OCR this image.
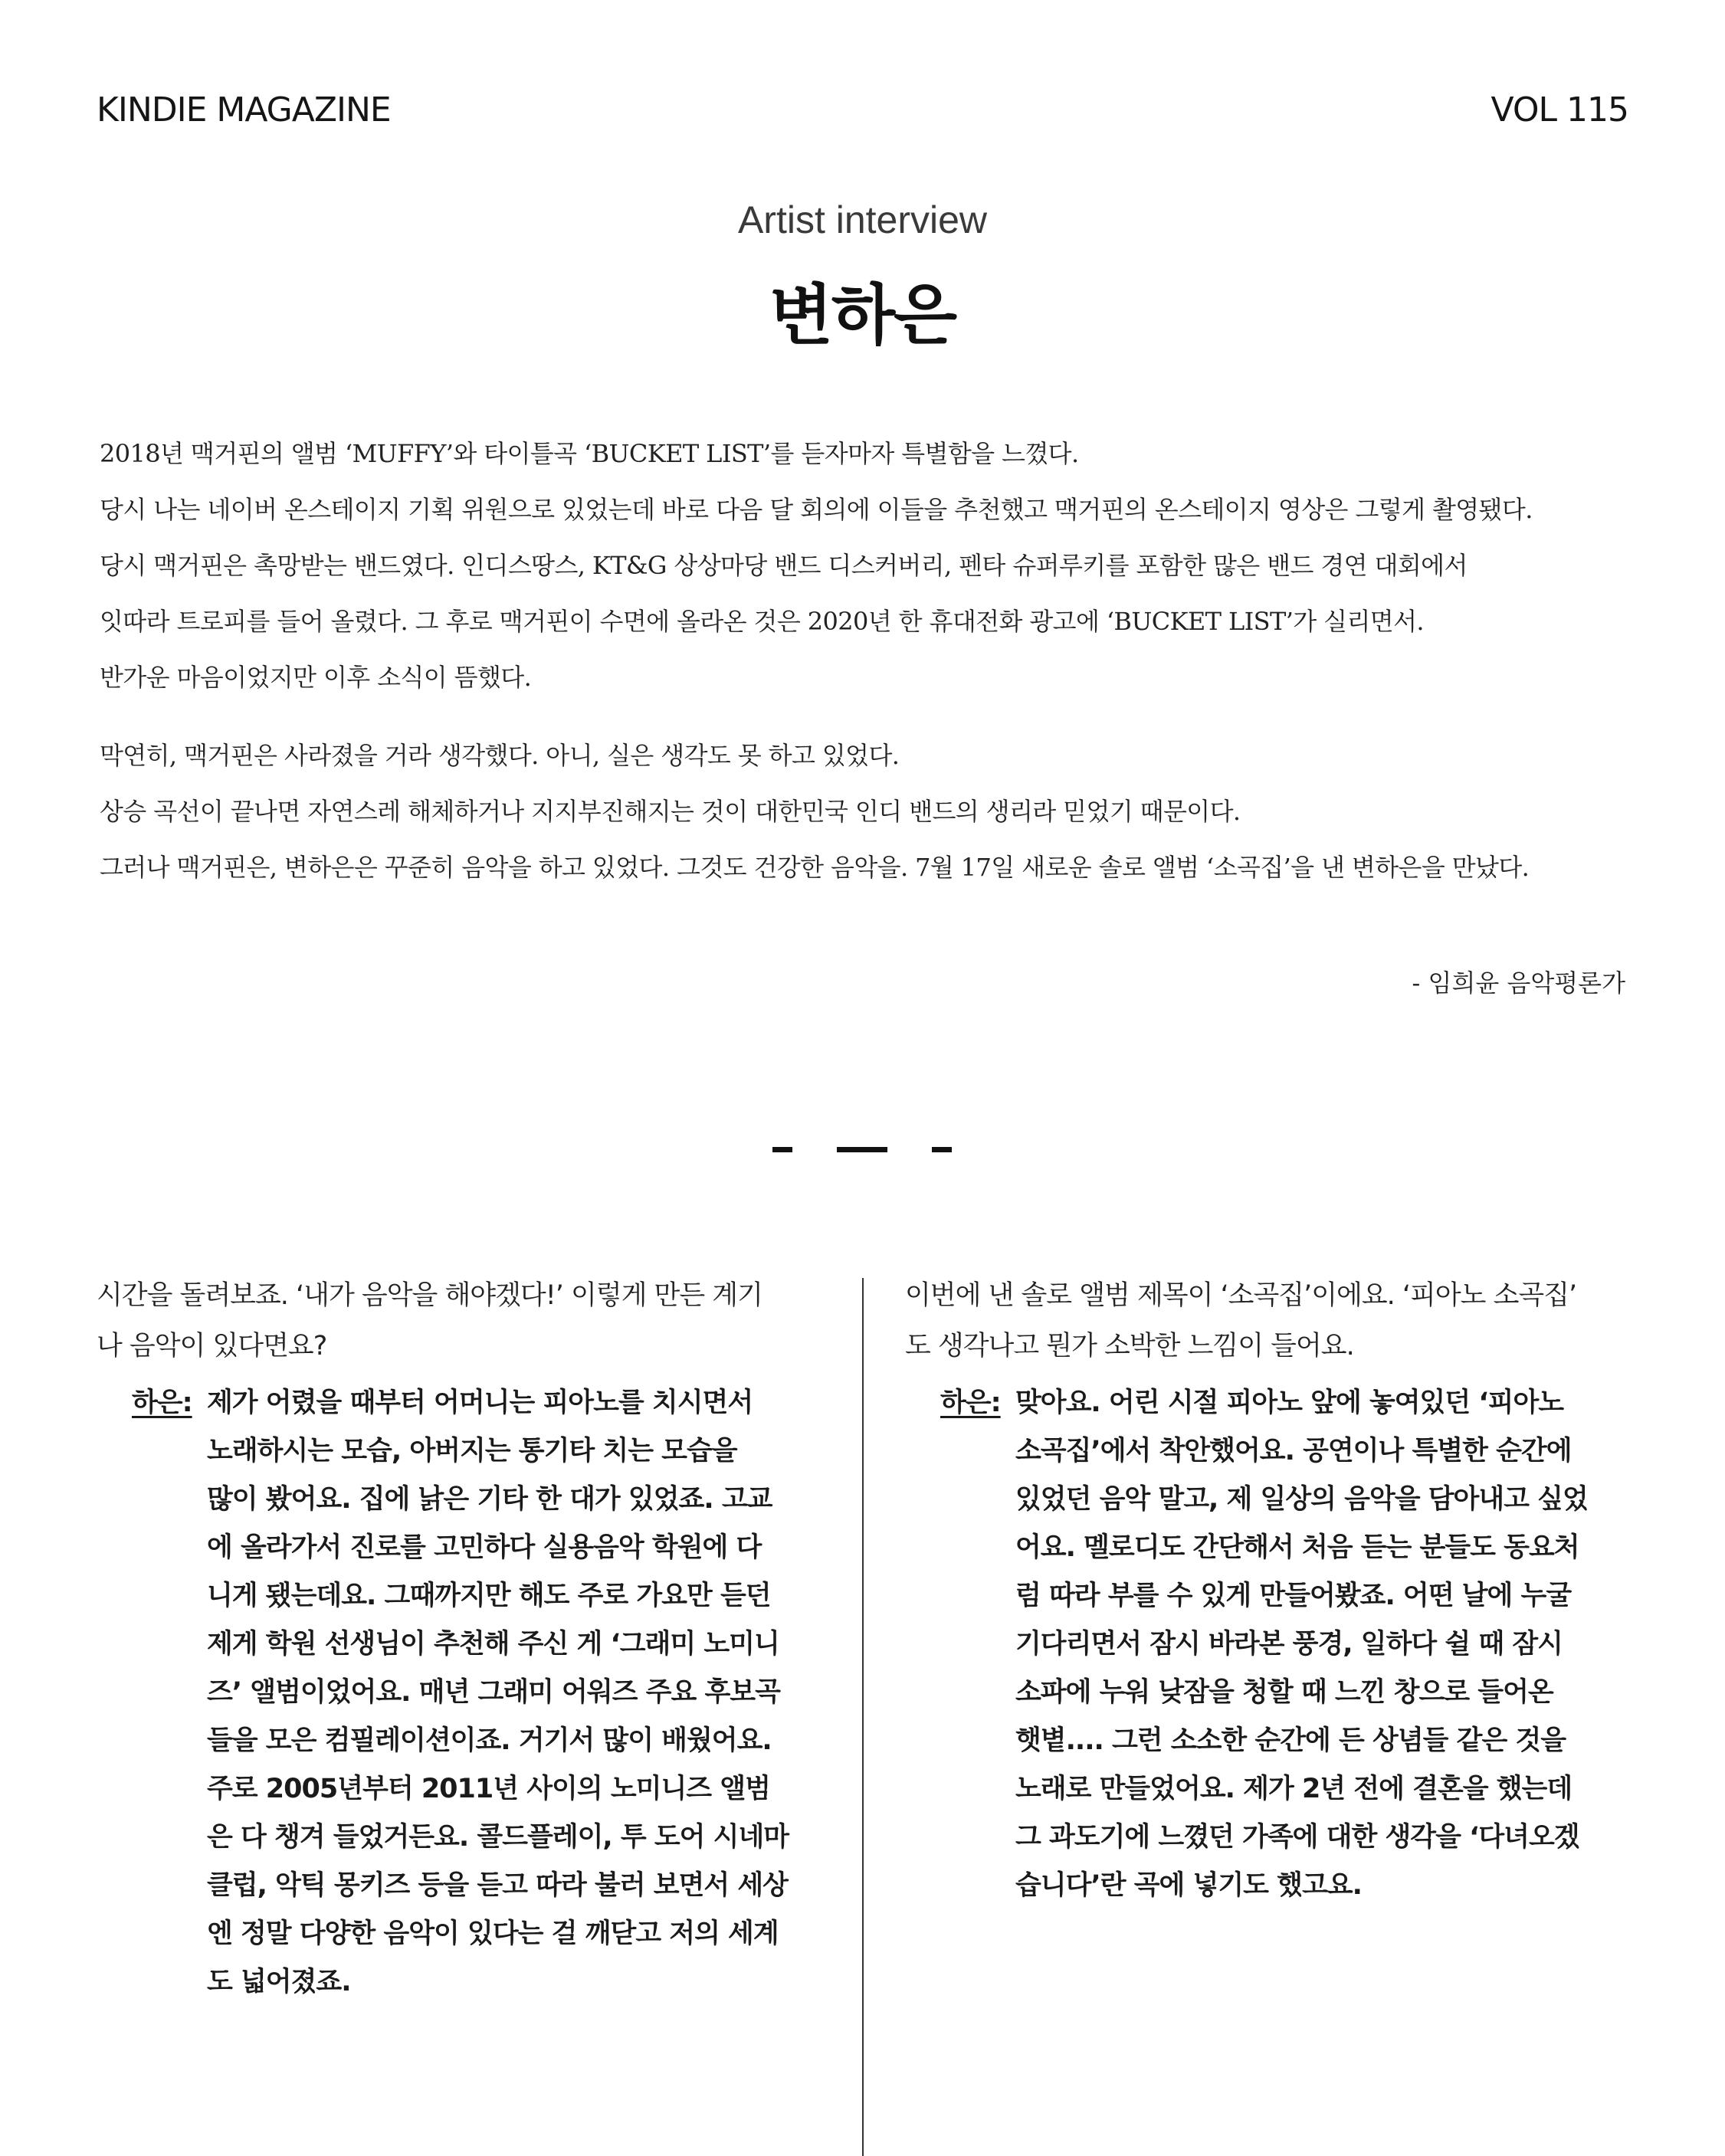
KINDIE MAGAZINE	VOL 115
Artist interview
변하은

2018년 맥거핀의 앨범 ‘MUFFY’와 타이틀곡 ‘BUCKET LIST’를 듣자마자 특별함을 느꼈다.

당시 나는 네이버 온스테이지 기획 위원으로 있었는데 바로 다음 달 회의에 이들을 추천했고 맥거핀의 온스테이지 영상은 그렇게 촬영됐다.

당시 맥거핀은 촉망받는 밴드였다. 인디스땅스, KT&G 상상마당 밴드 디스커버리, 펜타 슈퍼루키를 포함한 많은 밴드 경연 대회에서

잇따라 트로피를 들어 올렸다. 그 후로 맥거핀이 수면에 올라온 것은 2020년 한 휴대전화 광고에 ‘BUCKET LIST’가 실리면서.

반가운 마음이었지만 이후 소식이 뜸했다.

막연히, 맥거핀은 사라졌을 거라 생각했다. 아니, 실은 생각도 못 하고 있었다.

상승 곡선이 끝나면 자연스레 해체하거나 지지부진해지는 것이 대한민국 인디 밴드의 생리라 믿었기 때문이다.

그러나 맥거핀은, 변하은은 꾸준히 음악을 하고 있었다. 그것도 건강한 음악을. 7월 17일 새로운 솔로 앨범 ‘소곡집’을 낸 변하은을 만났다.

- 임희윤 음악평론가
시간을 돌려보죠. ‘내가 음악을 해야겠다!’ 이렇게 만든 계기
나 음악이 있다면요?
하은: 제가 어렸을 때부터 어머니는 피아노를 치시면서
노래하시는 모습, 아버지는 통기타 치는 모습을
많이 봤어요. 집에 낡은 기타 한 대가 있었죠. 고교
에 올라가서 진로를 고민하다 실용음악 학원에 다
니게 됐는데요. 그때까지만 해도 주로 가요만 듣던
제게 학원 선생님이 추천해 주신 게 ‘그래미 노미니
즈’ 앨범이었어요. 매년 그래미 어워즈 주요 후보곡
들을 모은 컴필레이션이죠. 거기서 많이 배웠어요.
주로 2005년부터 2011년 사이의 노미니즈 앨범
은 다 챙겨 들었거든요. 콜드플레이, 투 도어 시네마
클럽, 악틱 몽키즈 등을 듣고 따라 불러 보면서 세상
엔 정말 다양한 음악이 있다는 걸 깨닫고 저의 세계
도 넓어졌죠.
이번에 낸 솔로 앨범 제목이 ‘소곡집’이에요. ‘피아노 소곡집’
도 생각나고 뭔가 소박한 느낌이 들어요.
하은: 맞아요. 어린 시절 피아노 앞에 놓여있던 ‘피아노
소곡집’에서 착안했어요. 공연이나 특별한 순간에
있었던 음악 말고, 제 일상의 음악을 담아내고 싶었
어요. 멜로디도 간단해서 처음 듣는 분들도 동요처
럼 따라 부를 수 있게 만들어봤죠. 어떤 날에 누굴
기다리면서 잠시 바라본 풍경, 일하다 쉴 때 잠시
소파에 누워 낮잠을 청할 때 느낀 창으로 들어온
햇볕.... 그런 소소한 순간에 든 상념들 같은 것을
노래로 만들었어요. 제가 2년 전에 결혼을 했는데
그 과도기에 느꼈던 가족에 대한 생각을 ‘다녀오겠
습니다’란 곡에 넣기도 했고요.
